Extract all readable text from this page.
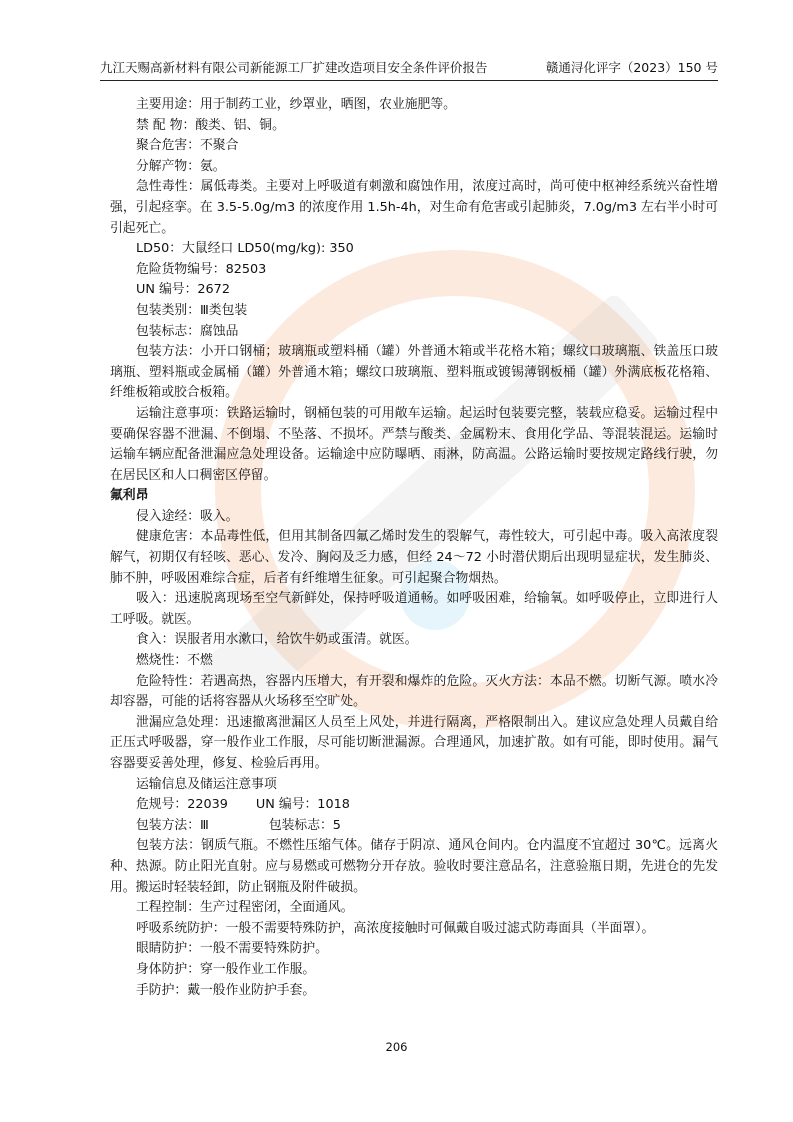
九江天赐高新材料有限公司新能源工厂扩建改造项目安全条件评价报告	赣通浔化评字（2023）150 号

主要用途：用于制药工业，纱罩业，晒图，农业施肥等。

禁 配 物：酸类、铝、铜。

聚合危害：不聚合

分解产物：氨。

急性毒性：属低毒类。主要对上呼吸道有刺激和腐蚀作用，浓度过高时，尚可使中枢神经系统兴奋性增强，引起痉挛。在 3.5-5.0g/m3 的浓度作用 1.5h-4h，对生命有危害或引起肺炎，7.0g/m3 左右半小时可引起死亡。

LD50：大鼠经口 LD50(mg/kg): 350

危险货物编号：82503

UN 编号：2672

包装类别：Ⅲ类包装

包装标志：腐蚀品

包装方法：小开口钢桶；玻璃瓶或塑料桶（罐）外普通木箱或半花格木箱；螺纹口玻璃瓶、铁盖压口玻璃瓶、塑料瓶或金属桶（罐）外普通木箱；螺纹口玻璃瓶、塑料瓶或镀锡薄钢板桶（罐）外满底板花格箱、纤维板箱或胶合板箱。

运输注意事项：铁路运输时，钢桶包装的可用敞车运输。起运时包装要完整，装载应稳妥。运输过程中要确保容器不泄漏、不倒塌、不坠落、不损坏。严禁与酸类、金属粉末、食用化学品、等混装混运。运输时运输车辆应配备泄漏应急处理设备。运输途中应防曝晒、雨淋，防高温。公路运输时要按规定路线行驶，勿在居民区和人口稠密区停留。

氟利昂

侵入途经：吸入。

健康危害：本品毒性低，但用其制备四氟乙烯时发生的裂解气，毒性较大，可引起中毒。吸入高浓度裂解气，初期仅有轻咳、恶心、发冷、胸闷及乏力感，但经 24～72 小时潜伏期后出现明显症状，发生肺炎、肺不肿，呼吸困难综合症，后者有纤维增生征象。可引起聚合物烟热。

吸入：迅速脱离现场至空气新鲜处，保持呼吸道通畅。如呼吸困难，给输氧。如呼吸停止，立即进行人工呼吸。就医。

食入：误服者用水漱口，给饮牛奶或蛋清。就医。

燃烧性：不燃

危险特性：若遇高热，容器内压增大，有开裂和爆炸的危险。灭火方法：本品不燃。切断气源。喷水冷却容器，可能的话将容器从火场移至空旷处。

泄漏应急处理：迅速撤离泄漏区人员至上风处，并进行隔离，严格限制出入。建议应急处理人员戴自给正压式呼吸器，穿一般作业工作服，尽可能切断泄漏源。合理通风，加速扩散。如有可能，即时使用。漏气容器要妥善处理，修复、检验后再用。

运输信息及储运注意事项

危规号：22039 UN 编号：1018

包装方法：Ⅲ	包装标志：5

包装方法：钢质气瓶。不燃性压缩气体。储存于阴凉、通风仓间内。仓内温度不宜超过 30℃。远离火种、热源。防止阳光直射。应与易燃或可燃物分开存放。验收时要注意品名，注意验瓶日期，先进仓的先发用。搬运时轻装轻卸，防止钢瓶及附件破损。

工程控制：生产过程密闭，全面通风。

呼吸系统防护：一般不需要特殊防护，高浓度接触时可佩戴自吸过滤式防毒面具（半面罩）。

眼睛防护：一般不需要特殊防护。

身体防护：穿一般作业工作服。

手防护：戴一般作业防护手套。

206
